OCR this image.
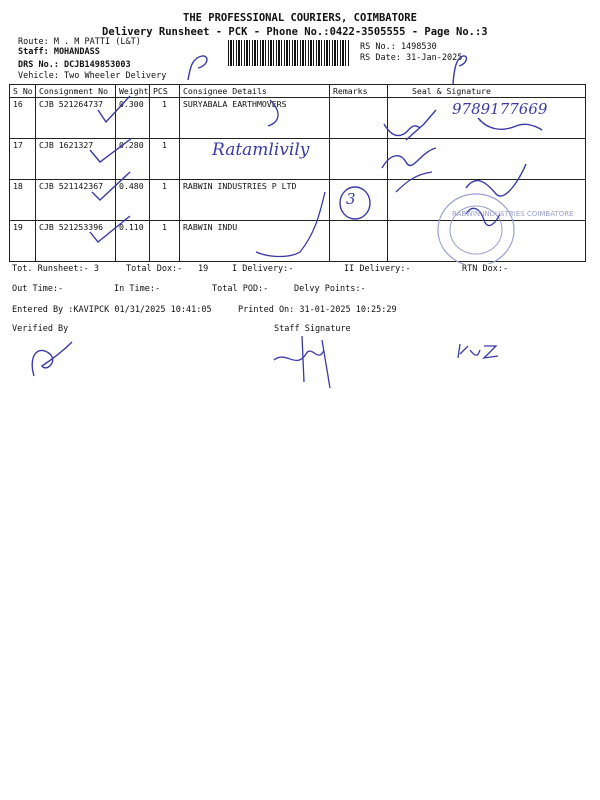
THE PROFESSIONAL COURIERS, COIMBATORE
Delivery Runsheet - PCK - Phone No.:0422-3505555 - Page No.:3
Route: M . M PATTI (L&T)
Staff: MOHANDASS
DRS No.: DCJB149853003
Vehicle: Two Wheeler Delivery
RS No.: 1498530
RS Date: 31-Jan-2025
S No	Consignment No	Weight	PCS	Consignee Details	Remarks	Seal & Signature
16	CJB 521264737	0.300	1	SURYABALA EARTHMOVERS		
17	CJB 1621327	0.280	1			
18	CJB 521142367	0.480	1	RABWIN INDUSTRIES P LTD		
19	CJB 521253396	0.110	1	RABWIN INDU		
Ratamlivily
3
9789177669
RABWIN INDUSTRIES COIMBATORE
Tot. Runsheet:- 3	Total Dox:- 19	I Delivery:-	II Delivery:-	RTN Dox:-
Out Time:-	In Time:-	Total POD:-	Delvy Points:-
Entered By :KAVIPCK 01/31/2025 10:41:05	Printed On: 31-01-2025 10:25:29
Verified By	Staff Signature
